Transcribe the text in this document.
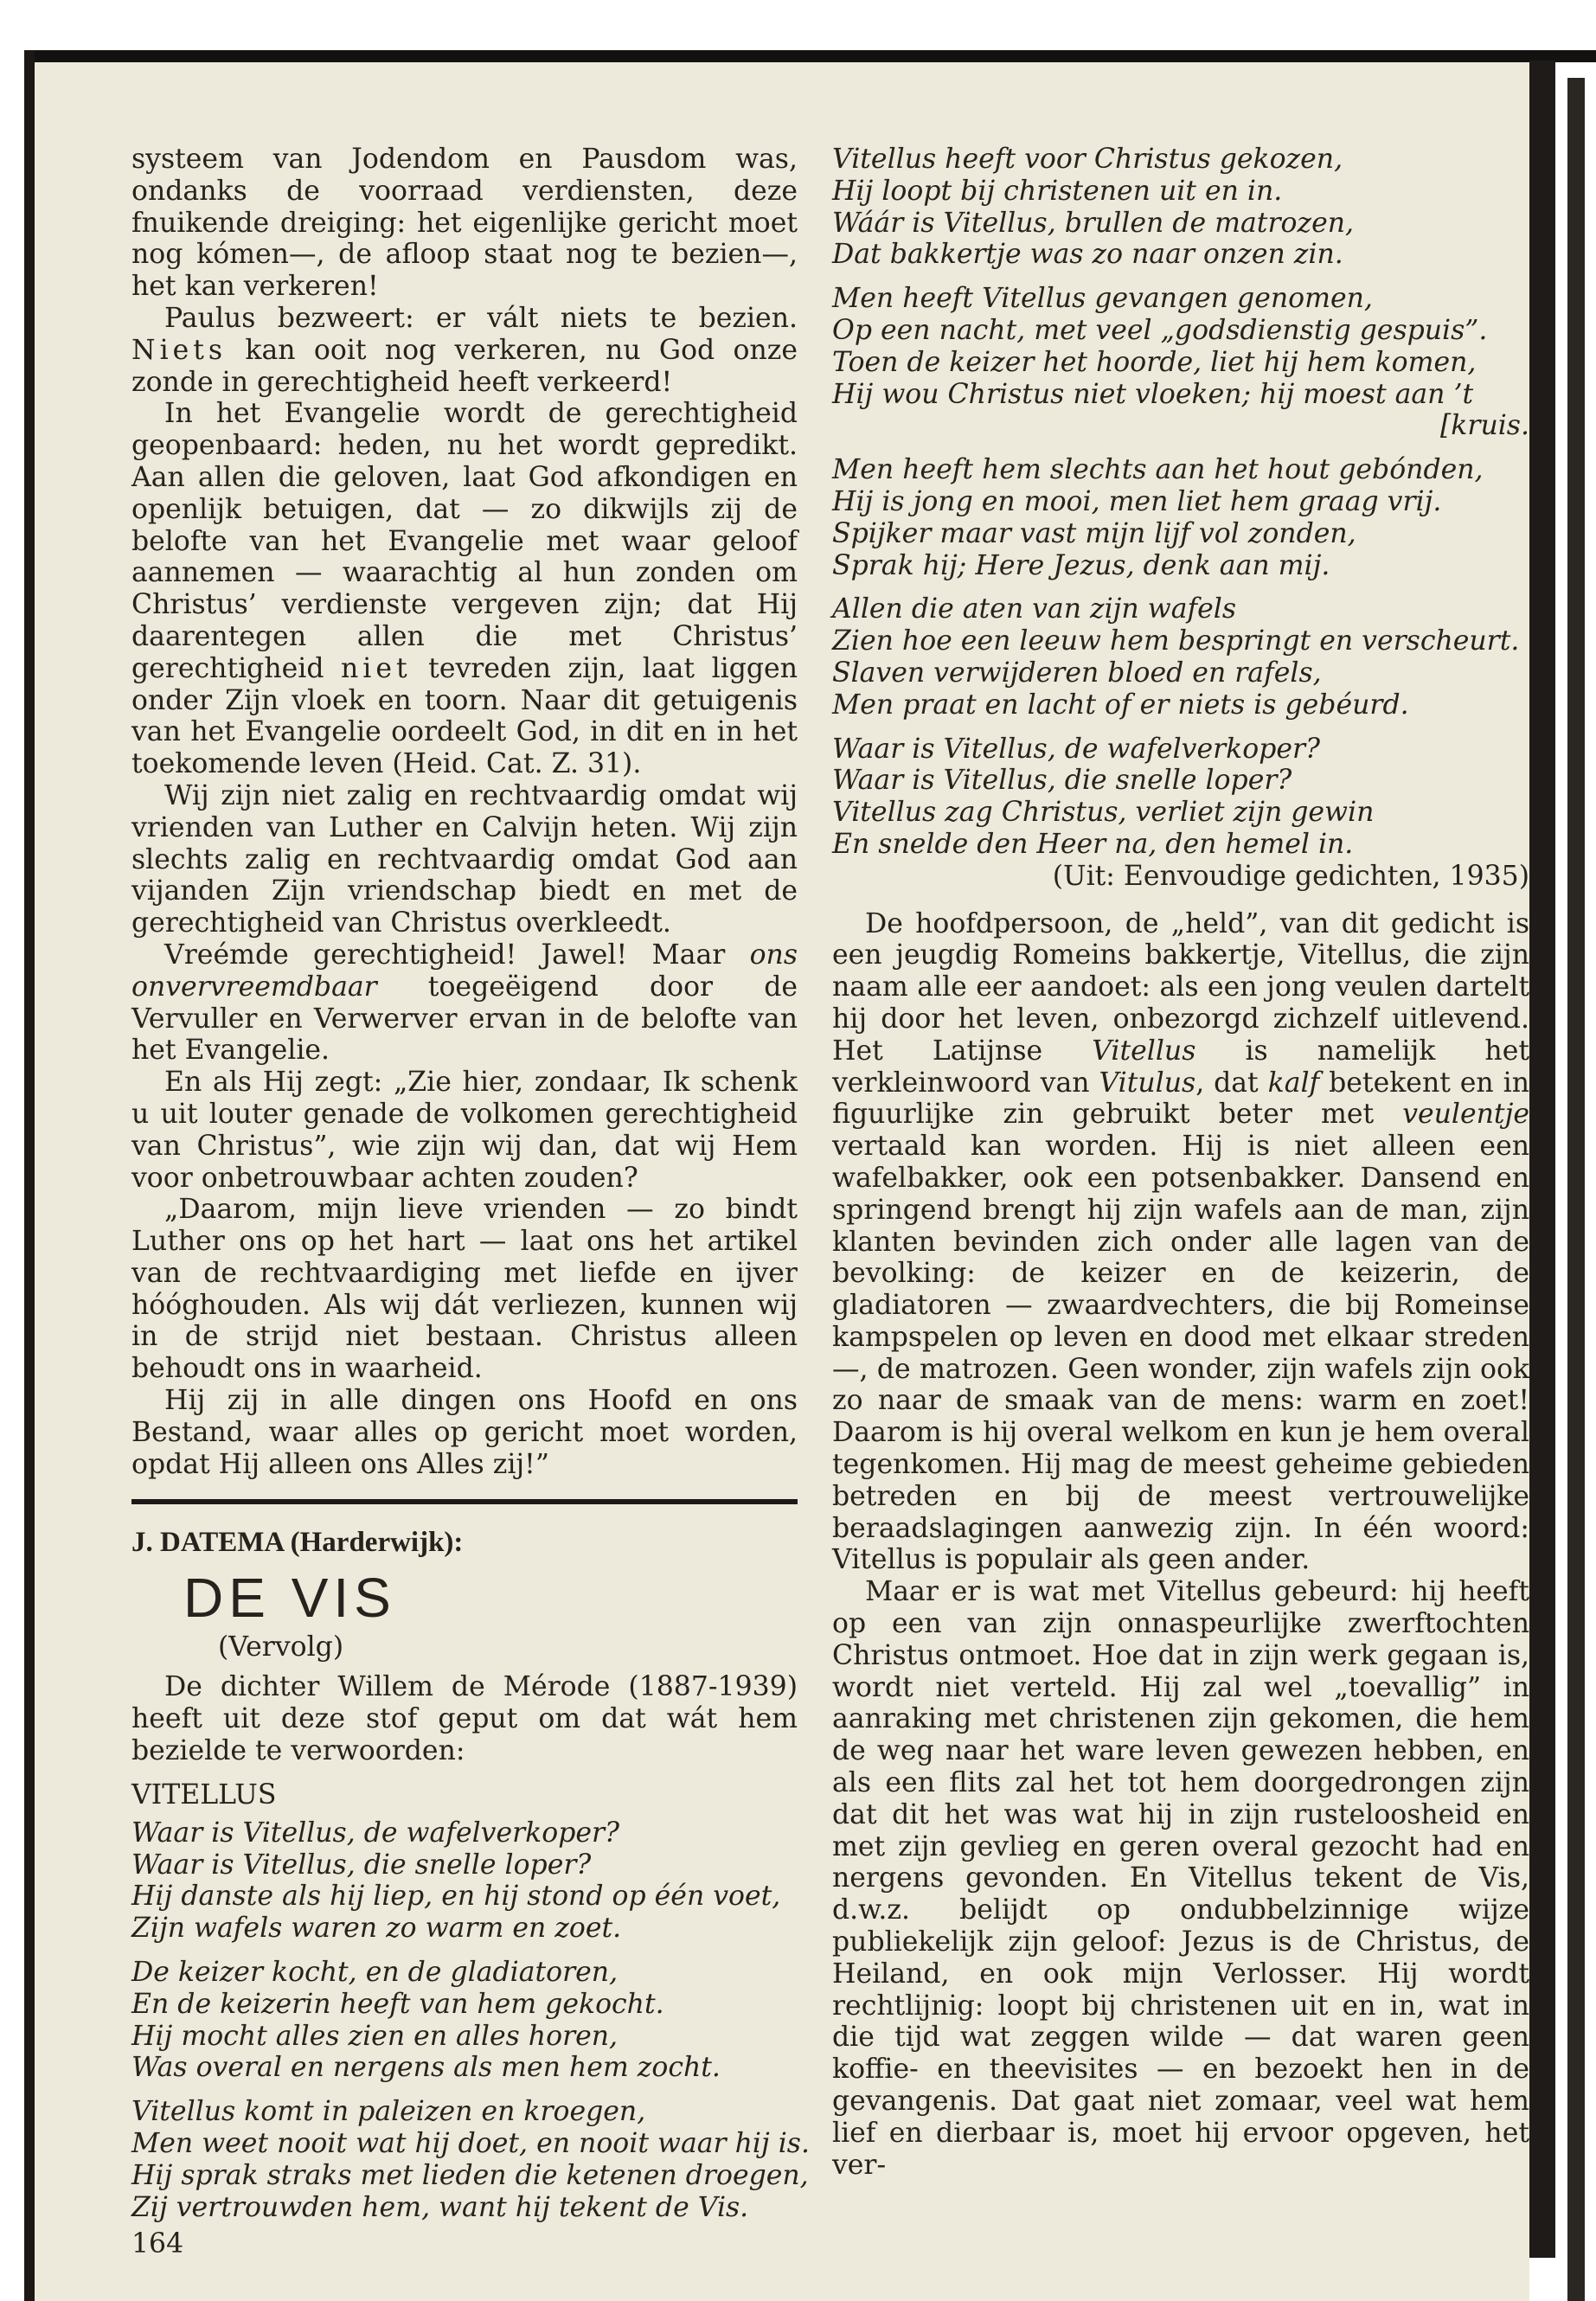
systeem van Jodendom en Pausdom was, ondanks de voorraad verdiensten, deze fnuikende dreiging: het eigenlijke gericht moet nog kómen—, de afloop staat nog te bezien—, het kan verkeren!

Paulus bezweert: er vált niets te bezien. Niets kan ooit nog verkeren, nu God onze zonde in gerechtigheid heeft verkeerd!

In het Evangelie wordt de gerechtigheid geopenbaard: heden, nu het wordt gepredikt. Aan allen die geloven, laat God afkondigen en openlijk betuigen, dat — zo dikwijls zij de belofte van het Evangelie met waar geloof aannemen — waarachtig al hun zonden om Christus’ verdienste vergeven zijn; dat Hij daarentegen allen die met Christus’ gerechtigheid niet tevreden zijn, laat liggen onder Zijn vloek en toorn. Naar dit getuigenis van het Evangelie oordeelt God, in dit en in het toekomende leven (Heid. Cat. Z. 31).

Wij zijn niet zalig en rechtvaardig omdat wij vrienden van Luther en Calvijn heten. Wij zijn slechts zalig en rechtvaardig omdat God aan vijanden Zijn vriendschap biedt en met de gerechtigheid van Christus overkleedt.

Vreémde gerechtigheid! Jawel! Maar ons onvervreemdbaar toegeëigend door de Vervuller en Verwerver ervan in de belofte van het Evangelie.

En als Hij zegt: „Zie hier, zondaar, Ik schenk u uit louter genade de volkomen gerechtigheid van Christus”, wie zijn wij dan, dat wij Hem voor onbetrouwbaar achten zouden?

„Daarom, mijn lieve vrienden — zo bindt Luther ons op het hart — laat ons het artikel van de rechtvaardiging met liefde en ijver hóóghouden. Als wij dát verliezen, kunnen wij in de strijd niet bestaan. Christus alleen behoudt ons in waarheid.

Hij zij in alle dingen ons Hoofd en ons Bestand, waar alles op gericht moet worden, opdat Hij alleen ons Alles zij!”

J. DATEMA (Harderwijk):
DE VIS
(Vervolg)

De dichter Willem de Mérode (1887-1939) heeft uit deze stof geput om dat wát hem bezielde te verwoorden:

VITELLUS
Waar is Vitellus, de wafelverkoper?
Waar is Vitellus, die snelle loper?
Hij danste als hij liep, en hij stond op één voet,
Zijn wafels waren zo warm en zoet.
De keizer kocht, en de gladiatoren,
En de keizerin heeft van hem gekocht.
Hij mocht alles zien en alles horen,
Was overal en nergens als men hem zocht.
Vitellus komt in paleizen en kroegen,
Men weet nooit wat hij doet, en nooit waar hij is.
Hij sprak straks met lieden die ketenen droegen,
Zij vertrouwden hem, want hij tekent de Vis.
164
Vitellus heeft voor Christus gekozen,
Hij loopt bij christenen uit en in.
Wáár is Vitellus, brullen de matrozen,
Dat bakkertje was zo naar onzen zin.
Men heeft Vitellus gevangen genomen,
Op een nacht, met veel „godsdienstig gespuis”.
Toen de keizer het hoorde, liet hij hem komen,
Hij wou Christus niet vloeken; hij moest aan ’t
[kruis.
Men heeft hem slechts aan het hout gebónden,
Hij is jong en mooi, men liet hem graag vrij.
Spijker maar vast mijn lijf vol zonden,
Sprak hij; Here Jezus, denk aan mij.
Allen die aten van zijn wafels
Zien hoe een leeuw hem bespringt en verscheurt.
Slaven verwijderen bloed en rafels,
Men praat en lacht of er niets is gebéurd.
Waar is Vitellus, de wafelverkoper?
Waar is Vitellus, die snelle loper?
Vitellus zag Christus, verliet zijn gewin
En snelde den Heer na, den hemel in.
(Uit: Eenvoudige gedichten, 1935)

De hoofdpersoon, de „held”, van dit gedicht is een jeugdig Romeins bakkertje, Vitellus, die zijn naam alle eer aandoet: als een jong veulen dartelt hij door het leven, onbezorgd zichzelf uitlevend. Het Latijnse Vitellus is namelijk het verkleinwoord van Vitulus, dat kalf betekent en in figuurlijke zin gebruikt beter met veulentje vertaald kan worden. Hij is niet alleen een wafelbakker, ook een potsenbakker. Dansend en springend brengt hij zijn wafels aan de man, zijn klanten bevinden zich onder alle lagen van de bevolking: de keizer en de keizerin, de gladiatoren — zwaardvechters, die bij Romeinse kampspelen op leven en dood met elkaar streden —, de matrozen. Geen wonder, zijn wafels zijn ook zo naar de smaak van de mens: warm en zoet! Daarom is hij overal welkom en kun je hem overal tegenkomen. Hij mag de meest geheime gebieden betreden en bij de meest vertrouwelijke beraadslagingen aanwezig zijn. In één woord: Vitellus is populair als geen ander.

Maar er is wat met Vitellus gebeurd: hij heeft op een van zijn onnaspeurlijke zwerftochten Christus ontmoet. Hoe dat in zijn werk gegaan is, wordt niet verteld. Hij zal wel „toevallig” in aanraking met christenen zijn gekomen, die hem de weg naar het ware leven gewezen hebben, en als een flits zal het tot hem doorgedrongen zijn dat dit het was wat hij in zijn rusteloosheid en met zijn gevlieg en geren overal gezocht had en nergens gevonden. En Vitellus tekent de Vis, d.w.z. belijdt op ondubbelzinnige wijze publiekelijk zijn geloof: Jezus is de Christus, de Heiland, en ook mijn Verlosser. Hij wordt rechtlijnig: loopt bij christenen uit en in, wat in die tijd wat zeggen wilde — dat waren geen koffie- en theevisites — en bezoekt hen in de gevangenis. Dat gaat niet zomaar, veel wat hem lief en dierbaar is, moet hij ervoor opgeven, het ver-
